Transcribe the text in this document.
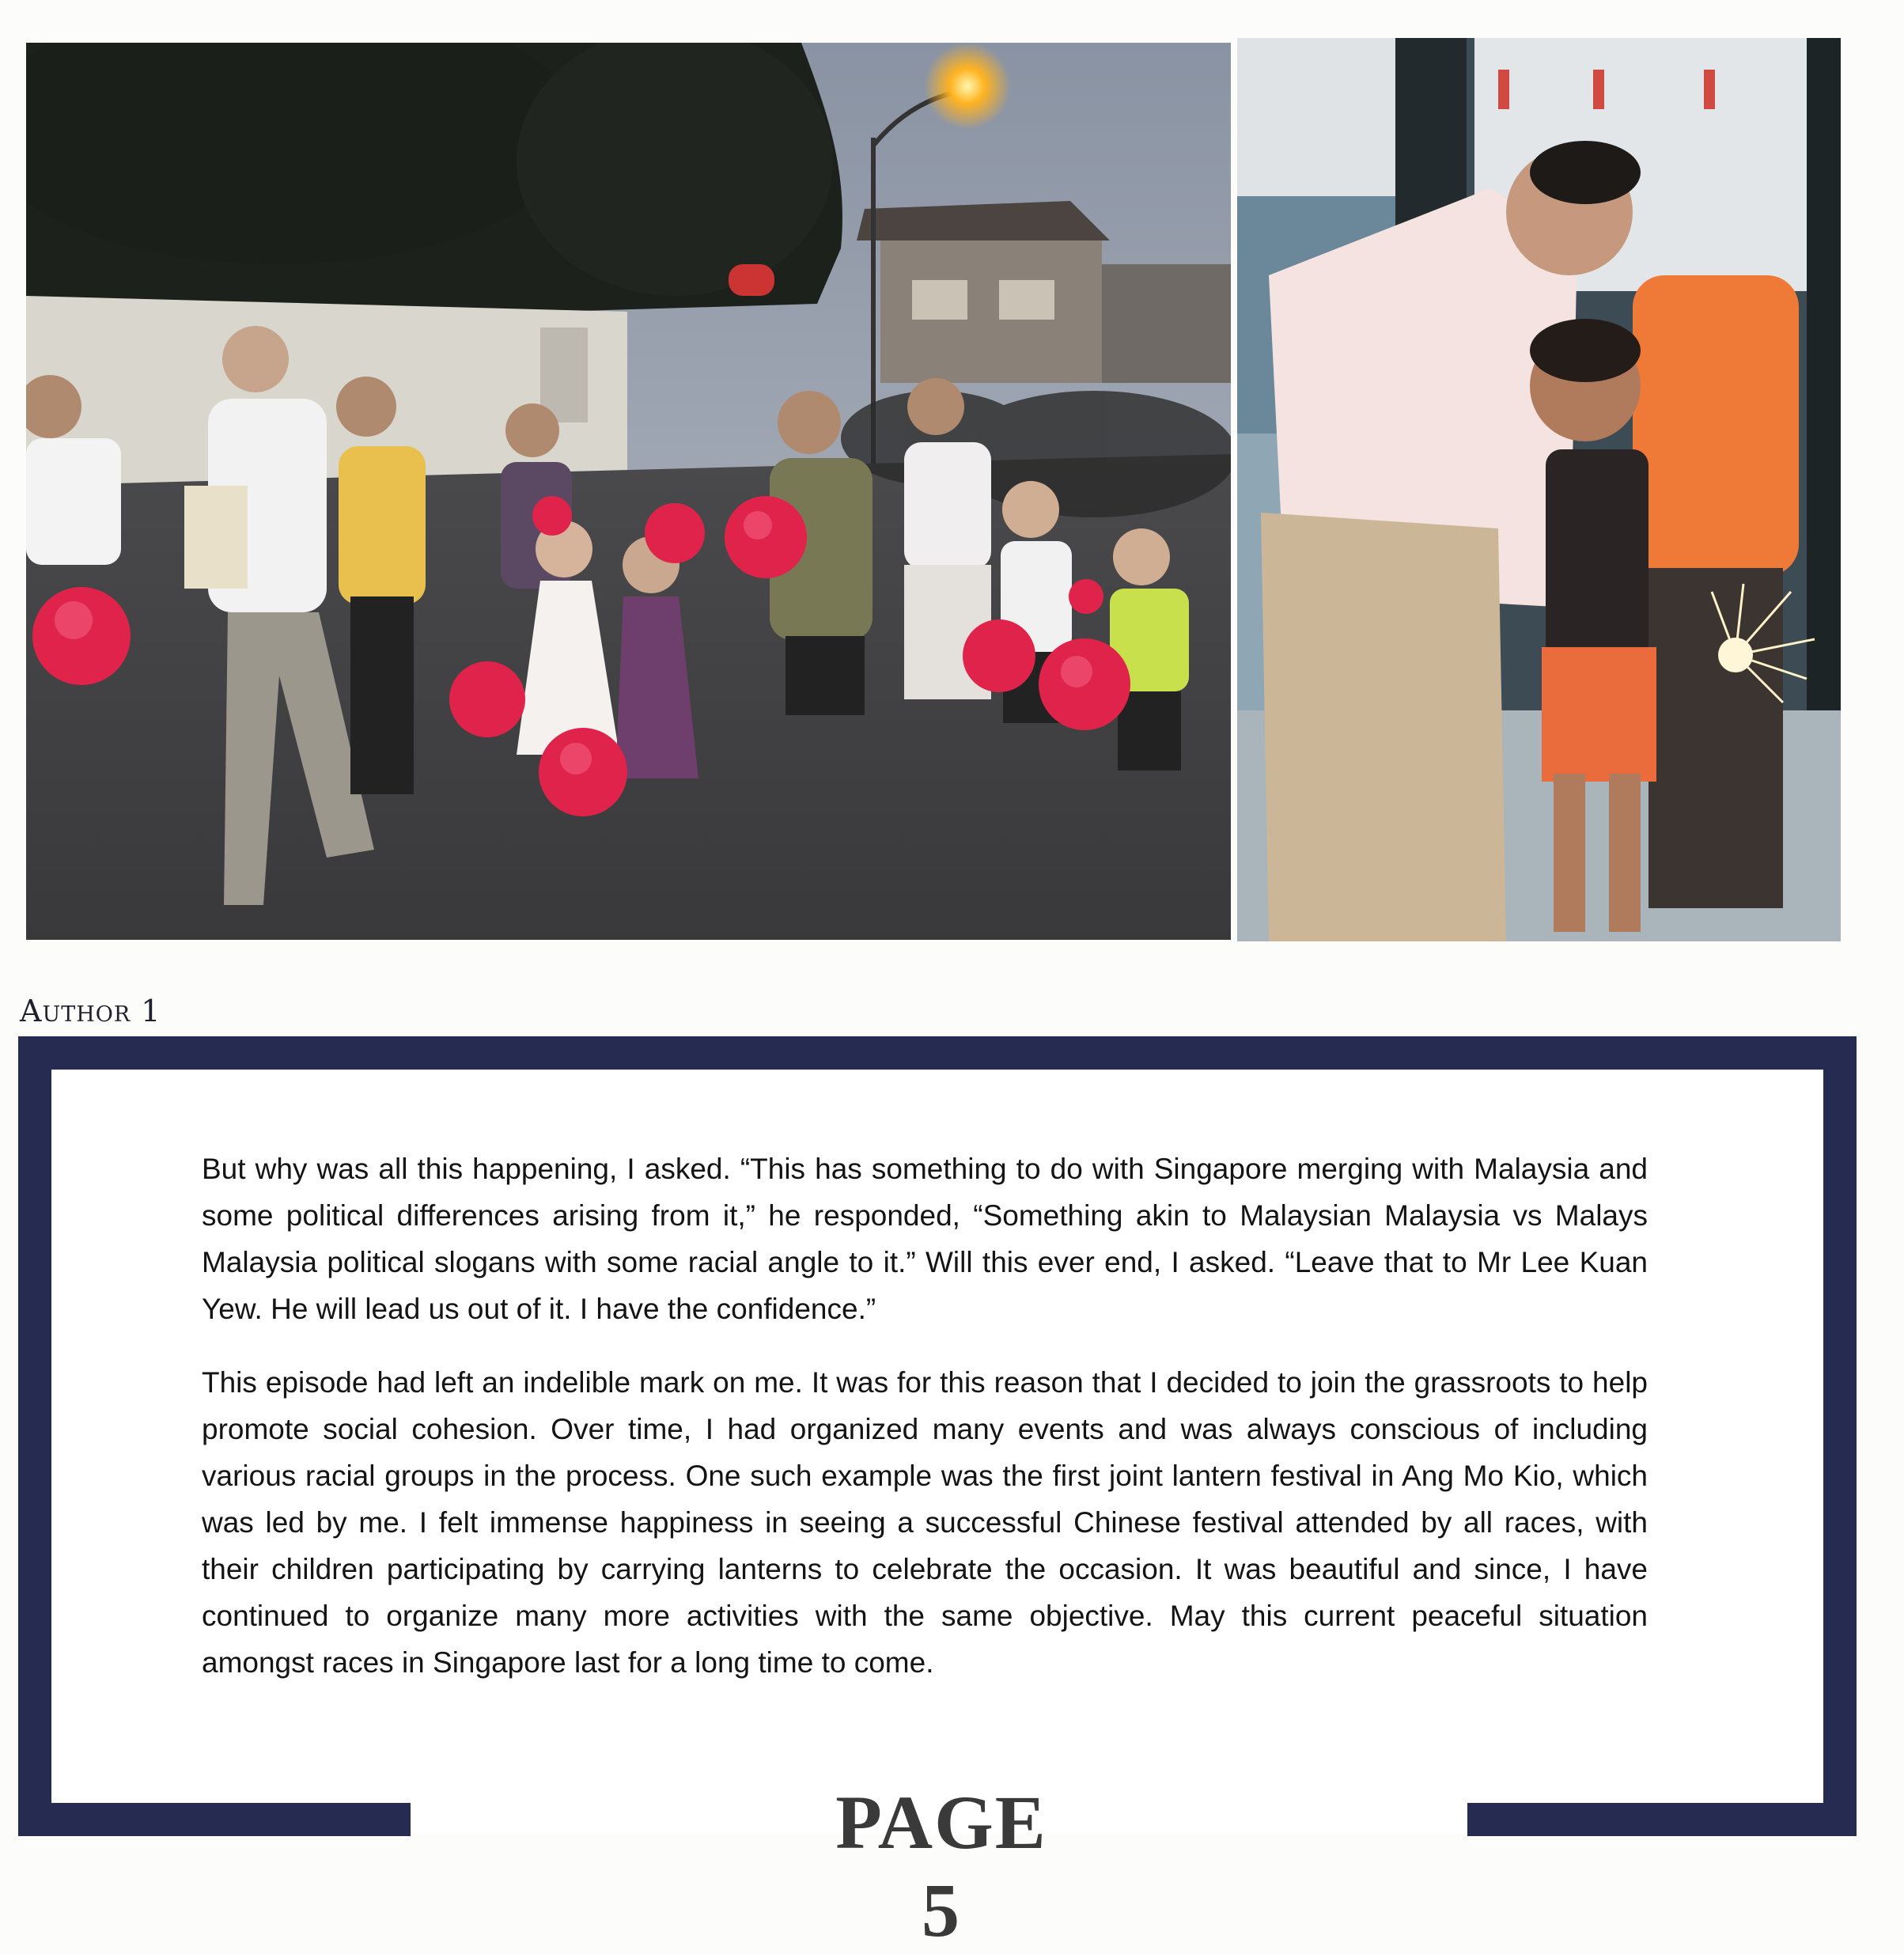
Author 1

But why was all this happening, I asked. “This has something to do with Singapore merging with Malaysia and some political differences arising from it,” he responded, “Something akin to Malaysian Malaysia vs Malays Malaysia political slogans with some racial angle to it.” Will this ever end, I asked. “Leave that to Mr Lee Kuan Yew. He will lead us out of it. I have the confidence.”

This episode had left an indelible mark on me. It was for this reason that I decided to join the grassroots to help promote social cohesion. Over time, I had organized many events and was always conscious of including various racial groups in the process. One such example was the first joint lantern festival in Ang Mo Kio, which was led by me. I felt immense happiness in seeing a successful Chinese festival attended by all races, with their children participating by carrying lanterns to celebrate the occasion. It was beautiful and since, I have continued to organize many more activities with the same objective. May this current peaceful situation amongst races in Singapore last for a long time to come.

PAGE 5
